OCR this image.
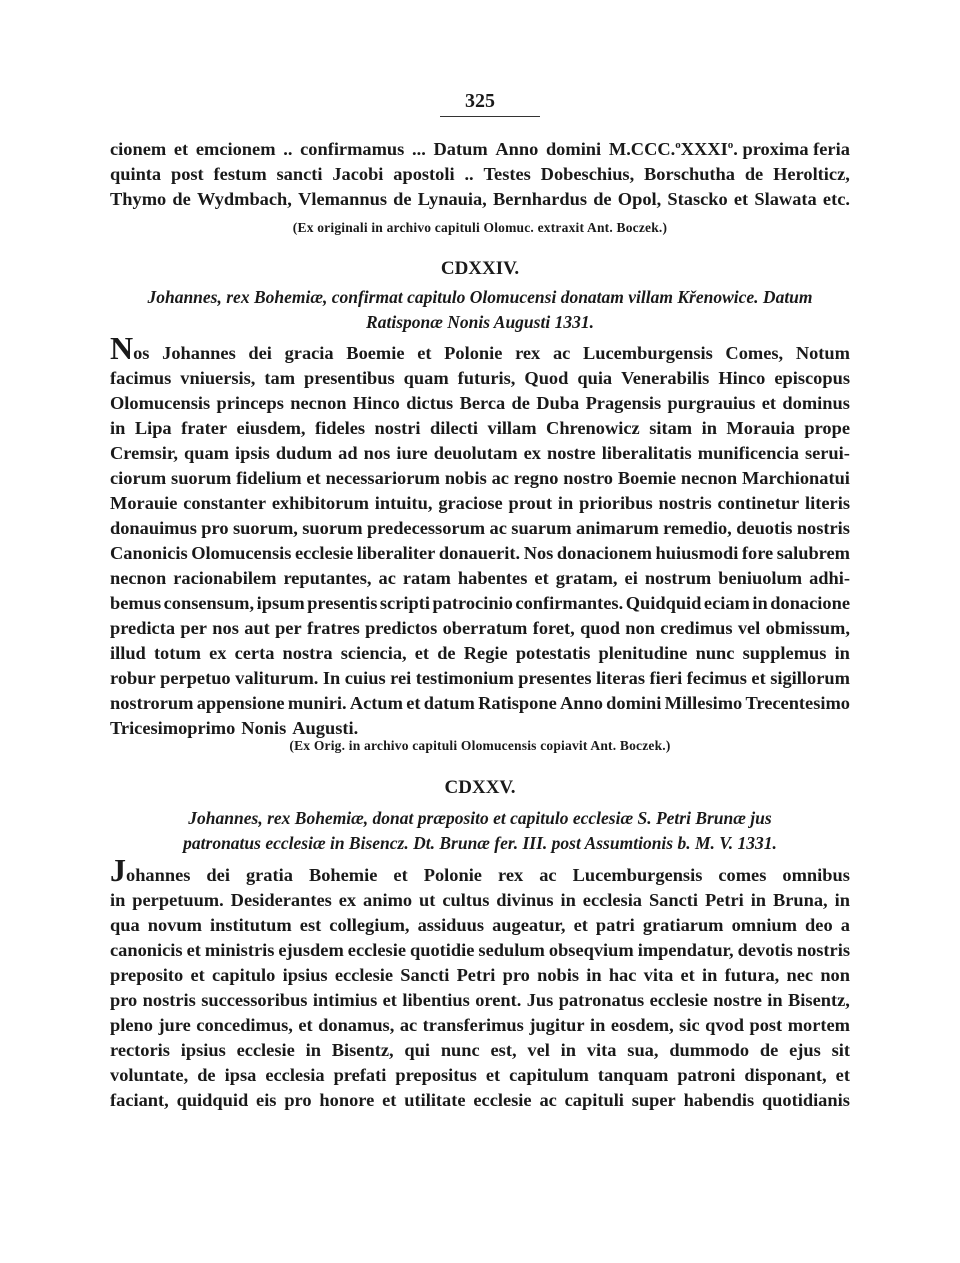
325
cionem et emcionem .. confirmamus ... Datum Anno domini M.CCC.$^o$XXXI$^o$. proxima feria
quinta post festum sancti Jacobi apostoli .. Testes Dobeschius, Borschutha de Herolticz,
Thymo de Wydmbach, Vlemannus de Lynauia, Bernhardus de Opol, Stascko et Slawata etc.
(Ex originali in archivo capituli Olomuc. extraxit Ant. Boczek.)
CDXXIV.
Johannes, rex Bohemiæ, confirmat capitulo Olomucensi donatam villam Křenowice. Datum
Ratisponæ Nonis Augusti 1331.
Nos Johannes dei gracia Boemie et Polonie rex ac Lucemburgensis Comes, Notum
facimus vniuersis, tam presentibus quam futuris, Quod quia Venerabilis Hinco episcopus
Olomucensis princeps necnon Hinco dictus Berca de Duba Pragensis purgrauius et dominus
in Lipa frater eiusdem, fideles nostri dilecti villam Chrenowicz sitam in Morauia prope
Cremsir, quam ipsis dudum ad nos iure deuolutam ex nostre liberalitatis munificencia serui-
ciorum suorum fidelium et necessariorum nobis ac regno nostro Boemie necnon Marchionatui
Morauie constanter exhibitorum intuitu, graciose prout in prioribus nostris continetur literis
donauimus pro suorum, suorum predecessorum ac suarum animarum remedio, deuotis nostris
Canonicis Olomucensis ecclesie liberaliter donauerit. Nos donacionem huiusmodi fore salubrem
necnon racionabilem reputantes, ac ratam habentes et gratam, ei nostrum beniuolum adhi-
bemus consensum, ipsum presentis scripti patrocinio confirmantes. Quidquid eciam in donacione
predicta per nos aut per fratres predictos oberratum foret, quod non credimus vel obmissum,
illud totum ex certa nostra sciencia, et de Regie potestatis plenitudine nunc supplemus in
robur perpetuo valiturum. In cuius rei testimonium presentes literas fieri fecimus et sigillorum
nostrorum appensione muniri. Actum et datum Ratispone Anno domini Millesimo Trecentesimo
Tricesimoprimo Nonis Augusti.
(Ex Orig. in archivo capituli Olomucensis copiavit Ant. Boczek.)
CDXXV.
Johannes, rex Bohemiæ, donat præposito et capitulo ecclesiæ S. Petri Brunæ jus
patronatus ecclesiæ in Bisencz. Dt. Brunæ fer. III. post Assumtionis b. M. V. 1331.
Johannes dei gratia Bohemie et Polonie rex ac Lucemburgensis comes omnibus
in perpetuum. Desiderantes ex animo ut cultus divinus in ecclesia Sancti Petri in Bruna, in
qua novum institutum est collegium, assiduus augeatur, et patri gratiarum omnium deo a
canonicis et ministris ejusdem ecclesie quotidie sedulum obseqvium impendatur, devotis nostris
preposito et capitulo ipsius ecclesie Sancti Petri pro nobis in hac vita et in futura, nec non
pro nostris successoribus intimius et libentius orent. Jus patronatus ecclesie nostre in Bisentz,
pleno jure concedimus, et donamus, ac transferimus jugitur in eosdem, sic qvod post mortem
rectoris ipsius ecclesie in Bisentz, qui nunc est, vel in vita sua, dummodo de ejus sit
voluntate, de ipsa ecclesia prefati prepositus et capitulum tanquam patroni disponant, et
faciant, quidquid eis pro honore et utilitate ecclesie ac capituli super habendis quotidianis
